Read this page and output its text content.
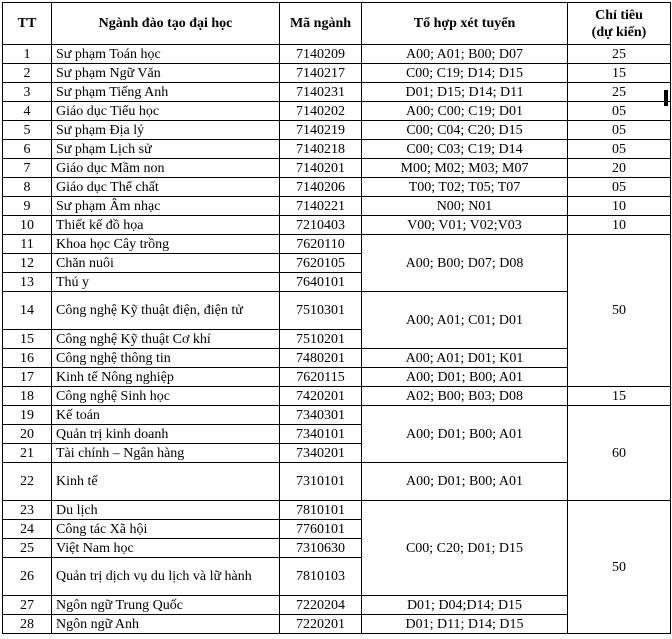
TT	Ngành đào tạo đại học	Mã ngành	Tổ hợp xét tuyển	Chỉ tiêu
(dự kiến)

1	Sư phạm Toán học	7140209	A00; A01; B00; D07	25
2	Sư phạm Ngữ Văn	7140217	C00; C19; D14; D15	15
3	Sư phạm Tiếng Anh	7140231	D01; D15; D14; D11	25
4	Giáo dục Tiểu học	7140202	A00; C00; C19; D01	05
5	Sư phạm Địa lý	7140219	C00; C04; C20; D15	05
6	Sư phạm Lịch sử	7140218	C00; C03; C19; D14	05
7	Giáo dục Mầm non	7140201	M00; M02; M03; M07	20
8	Giáo dục Thể chất	7140206	T00; T02; T05; T07	05
9	Sư phạm Âm nhạc	7140221	N00; N01	10
10	Thiết kế đồ họa	7210403	V00; V01; V02;V03	10
11	Khoa học Cây trồng	7620110	A00; B00; D07; D08	50
12	Chăn nuôi	7620105		
13	Thú y	7640101		
14	Công nghệ Kỹ thuật điện, điện tử	7510301	A00; A01; C01; D01	
15	Công nghệ Kỹ thuật Cơ khí	7510201		
16	Công nghệ thông tin	7480201	A00; A01; D01; K01	
17	Kinh tế Nông nghiệp	7620115	A00; D01; B00; A01	
18	Công nghệ Sinh học	7420201	A02; B00; B03; D08	15
19	Kế toán	7340301	A00; D01; B00; A01	60
20	Quản trị kinh doanh	7340101		
21	Tài chính – Ngân hàng	7340201		
22	Kinh tế	7310101	A00; D01; B00; A01	
23	Du lịch	7810101	C00; C20; D01; D15	50
24	Công tác Xã hội	7760101		
25	Việt Nam học	7310630		
26	Quản trị dịch vụ du lịch và lữ hành	7810103		
27	Ngôn ngữ Trung Quốc	7220204	D01; D04;D14; D15	
28	Ngôn ngữ Anh	7220201	D01; D11; D14; D15	
